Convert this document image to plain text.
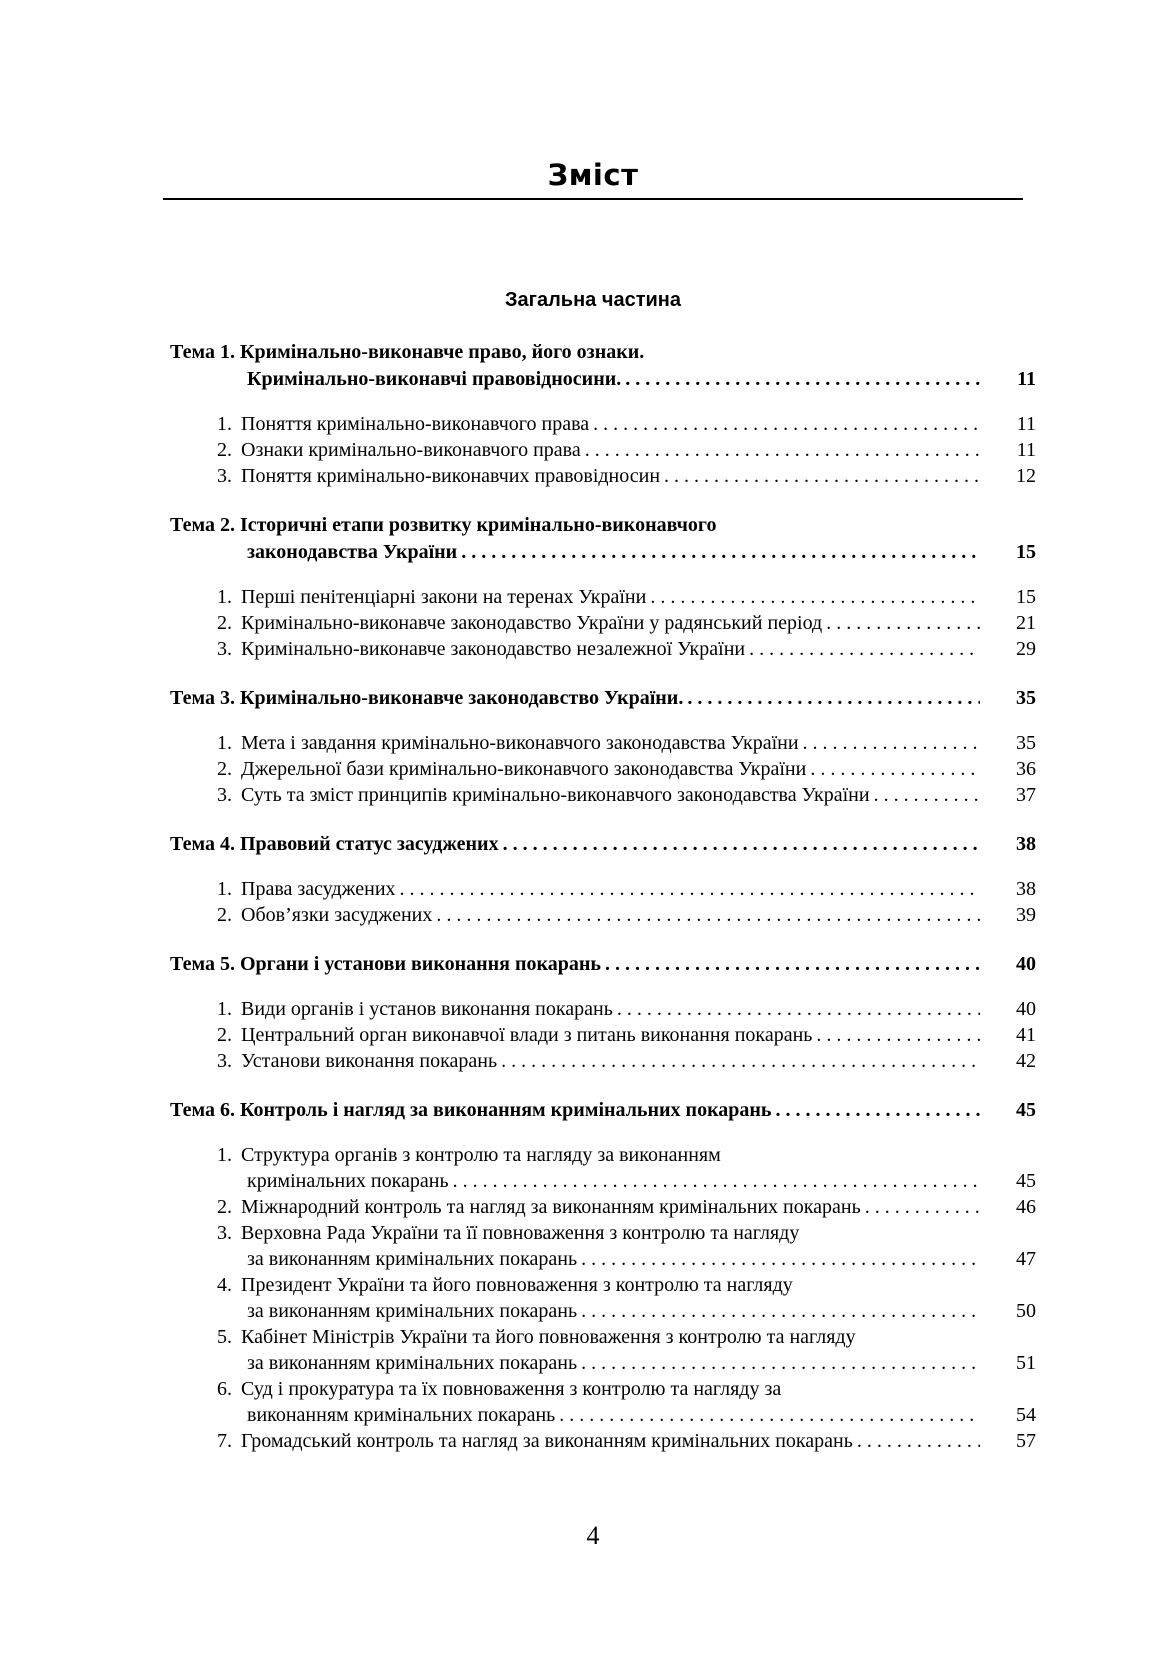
Зміст
Загальна частина
Тема 1. Кримінально-виконавче право, його ознаки.
Кримінально-виконавчі правовідносини. . . .	11
1. Поняття кримінально-виконавчого права . . .	11
2. Ознаки кримінально-виконавчого права . . .	11
3. Поняття кримінально-виконавчих правовідносин . . .	12
Тема 2. Історичні етапи розвитку кримінально-виконавчого
законодавства України . . .	15
1. Перші пенітенціарні закони на теренах України . . .	15
2. Кримінально-виконавче законодавство України у радянський період . . .	21
3. Кримінально-виконавче законодавство незалежної України . . .	29
Тема 3. Кримінально-виконавче законодавство України. . . .	35
1. Мета і завдання кримінально-виконавчого законодавства України . . .	35
2. Джерельної бази кримінально-виконавчого законодавства України . . .	36
3. Суть та зміст принципів кримінально-виконавчого законодавства України . . .	37
Тема 4. Правовий статус засуджених . . .	38
1. Права засуджених . . .	38
2. Обов’язки засуджених . . .	39
Тема 5. Органи і установи виконання покарань . . .	40
1. Види органів і установ виконання покарань . . .	40
2. Центральний орган виконавчої влади з питань виконання покарань . . .	41
3. Установи виконання покарань . . .	42
Тема 6. Контроль і нагляд за виконанням кримінальних покарань . . .	45
1. Структура органів з контролю та нагляду за виконанням
кримінальних покарань . . .	45
2. Міжнародний контроль та нагляд за виконанням кримінальних покарань . . .	46
3. Верховна Рада України та її повноваження з контролю та нагляду
за виконанням кримінальних покарань . . .	47
4. Президент України та його повноваження з контролю та нагляду
за виконанням кримінальних покарань . . .	50
5. Кабінет Міністрів України та його повноваження з контролю та нагляду
за виконанням кримінальних покарань . . .	51
6. Суд і прокуратура та їх повноваження з контролю та нагляду за
виконанням кримінальних покарань . . .	54
7. Громадський контроль та нагляд за виконанням кримінальних покарань . . .	57
4
